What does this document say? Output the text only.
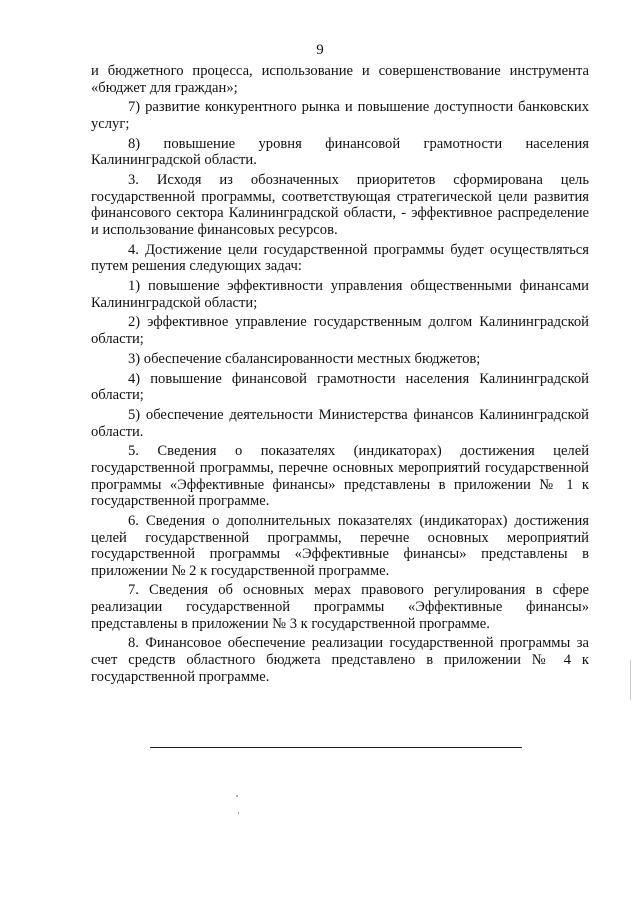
9

и бюджетного процесса, использование и совершенствование инструмента «бюджет для граждан»;

7) развитие конкурентного рынка и повышение доступности банковских услуг;

8) повышение уровня финансовой грамотности населения Калининградской области.

3. Исходя из обозначенных приоритетов сформирована цель государственной программы, соответствующая стратегической цели развития финансового сектора Калининградской области, - эффективное распределение и использование финансовых ресурсов.

4. Достижение цели государственной программы будет осуществляться путем решения следующих задач:

1) повышение эффективности управления общественными финансами Калининградской области;

2) эффективное управление государственным долгом Калининградской области;

3) обеспечение сбалансированности местных бюджетов;

4) повышение финансовой грамотности населения Калининградской области;

5) обеспечение деятельности Министерства финансов Калининградской области.

5. Сведения о показателях (индикаторах) достижения целей государственной программы, перечне основных мероприятий государственной программы «Эффективные финансы» представлены в приложении № 1 к государственной программе.

6. Сведения о дополнительных показателях (индикаторах) достижения целей государственной программы, перечне основных мероприятий государственной программы «Эффективные финансы» представлены в приложении № 2 к государственной программе.

7. Сведения об основных мерах правового регулирования в сфере реализации государственной программы «Эффективные финансы» представлены в приложении № 3 к государственной программе.

8. Финансовое обеспечение реализации государственной программы за счет средств областного бюджета представлено в приложении № 4 к государственной программе.
